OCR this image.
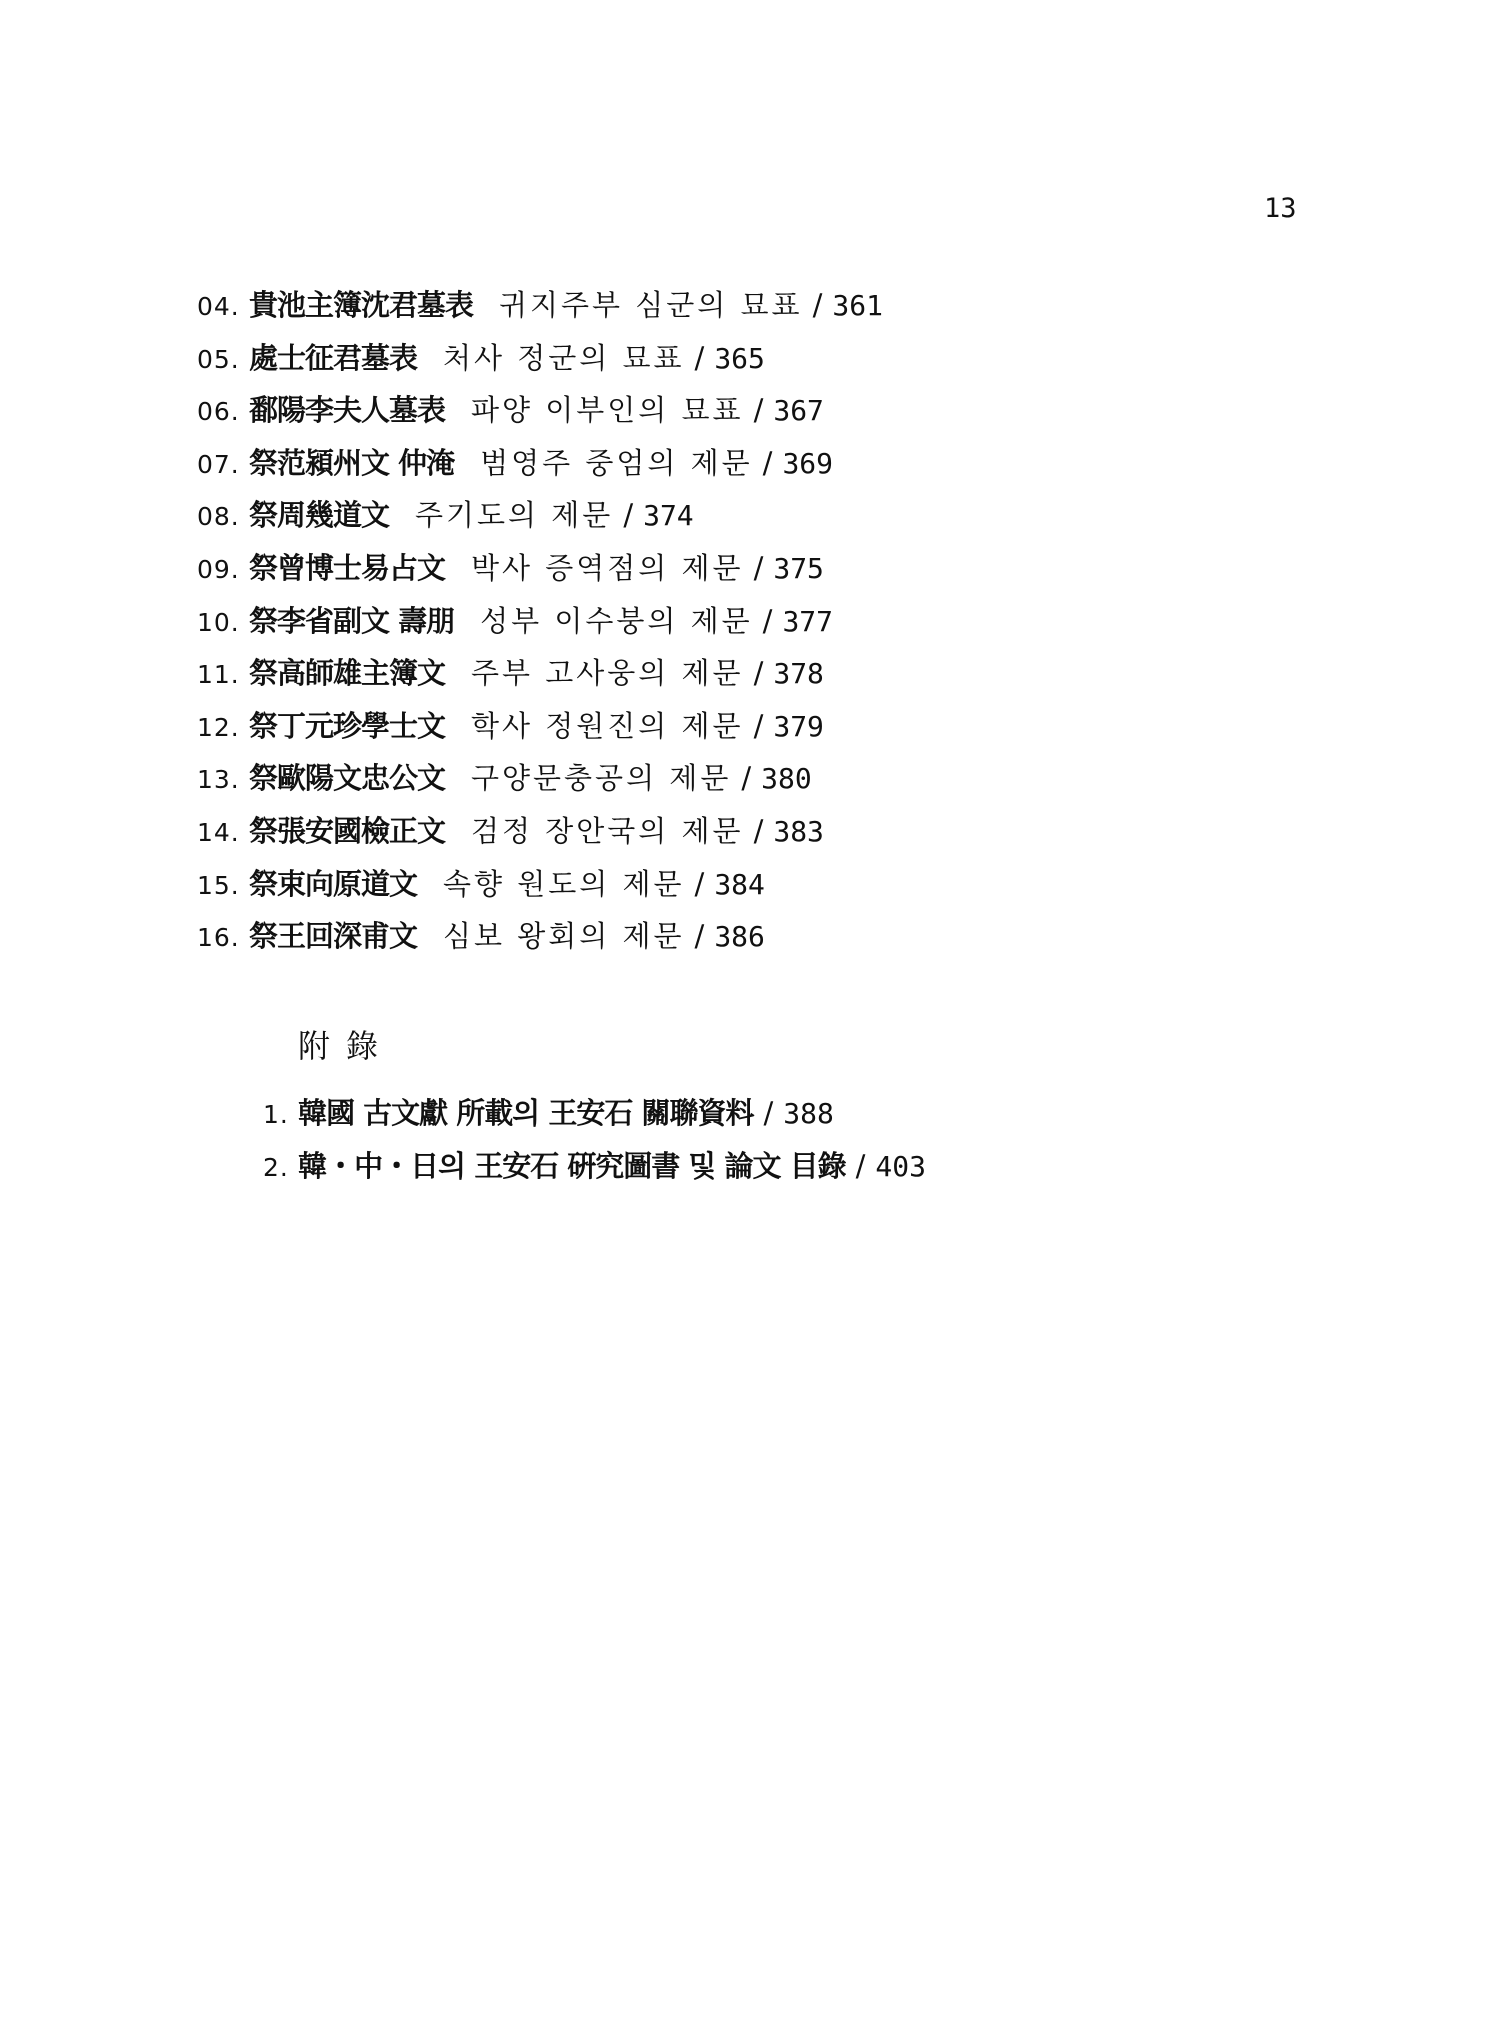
13
04. 貴池主簿沈君墓表 귀지주부 심군의 묘표 / 361
05. 處士征君墓表 처사 정군의 묘표 / 365
06. 鄱陽李夫人墓表 파양 이부인의 묘표 / 367
07. 祭范潁州文 仲淹 범영주 중엄의 제문 / 369
08. 祭周幾道文 주기도의 제문 / 374
09. 祭曾博士易占文 박사 증역점의 제문 / 375
10. 祭李省副文 壽朋 성부 이수붕의 제문 / 377
11. 祭高師雄主簿文 주부 고사웅의 제문 / 378
12. 祭丁元珍學士文 학사 정원진의 제문 / 379
13. 祭歐陽文忠公文 구양문충공의 제문 / 380
14. 祭張安國檢正文 검정 장안국의 제문 / 383
15. 祭束向原道文 속향 원도의 제문 / 384
16. 祭王回深甫文 심보 왕회의 제문 / 386
附錄
1. 韓國 古文獻 所載의 王安石 關聯資料 / 388
2. 韓・中・日의 王安石 硏究圖書 및 論文 目錄 / 403
